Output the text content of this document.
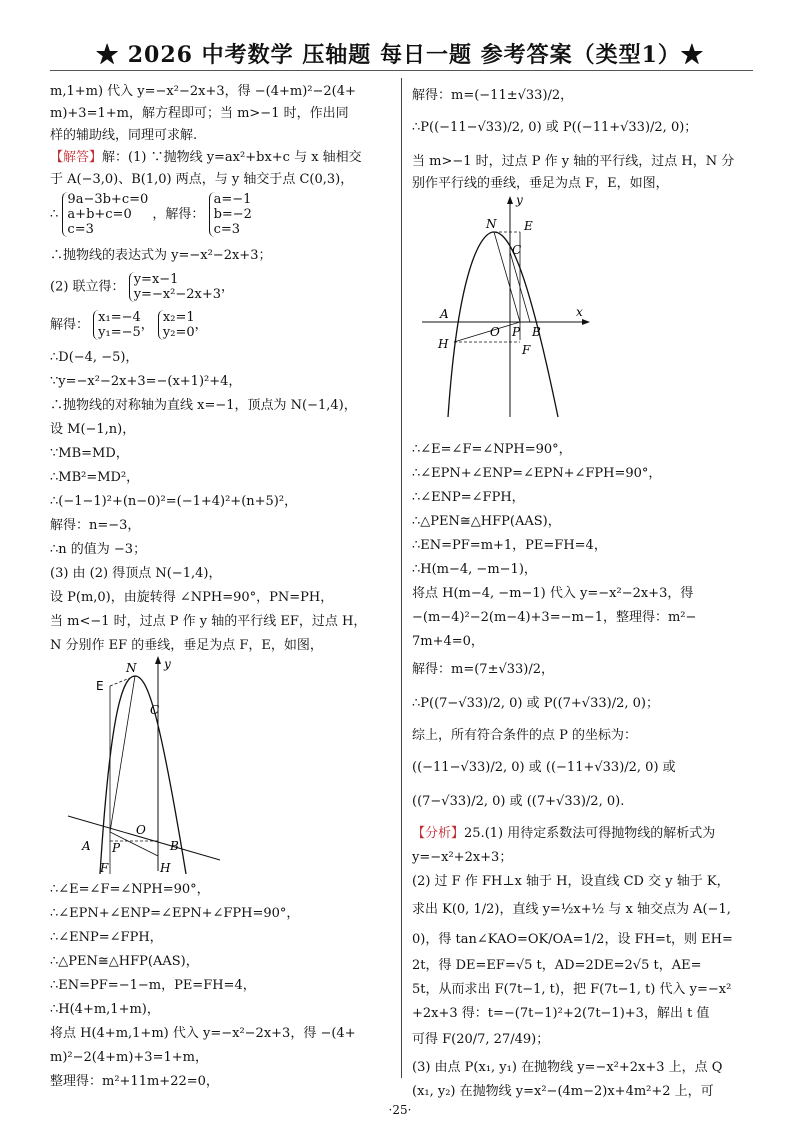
★ 2026 中考数学 压轴题 每日一题 参考答案（类型1）★
m,1+m) 代入 y=−x²−2x+3，得 −(4+m)²−2(4+
m)+3=1+m，解方程即可；当 m>−1 时，作出同
样的辅助线，同理可求解.
【解答】解：(1) ∵抛物线 y=ax²+bx+c 与 x 轴相交
于 A(−3,0)、B(1,0) 两点，与 y 轴交于点 C(0,3)，
∴ 9a−3b+c=0
a+b+c=0
c=3 ，解得： a=−1
b=−2
c=3
∴抛物线的表达式为 y=−x²−2x+3；
(2) 联立得： y=x−1
y=−x²−2x+3，
解得： x₁=−4
y₁=−5， x₂=1
y₂=0，
∴D(−4, −5)，
∵y=−x²−2x+3=−(x+1)²+4，
∴抛物线的对称轴为直线 x=−1，顶点为 N(−1,4)，
设 M(−1,n)，
∵MB=MD，
∴MB²=MD²，
∴(−1−1)²+(n−0)²=(−1+4)²+(n+5)²，
解得：n=−3，
∴n 的值为 −3；
(3) 由 (2) 得顶点 N(−1,4)，
设 P(m,0)，由旋转得 ∠NPH=90°，PN=PH，
当 m<−1 时，过点 P 作 y 轴的平行线 EF，过点 H，
N 分别作 EF 的垂线，垂足为点 F，E，如图，
E
N
C
O
A P	B
F	H
y
∴∠E=∠F=∠NPH=90°，
∴∠EPN+∠ENP=∠EPN+∠FPH=90°，
∴∠ENP=∠FPH，
∴△PEN≅△HFP(AAS)，
∴EN=PF=−1−m，PE=FH=4，
∴H(4+m,1+m)，
将点 H(4+m,1+m) 代入 y=−x²−2x+3，得 −(4+
m)²−2(4+m)+3=1+m，
整理得：m²+11m+22=0，
解得：m=(−11±√33)/2，
∴P((−11−√33)/2, 0) 或 P((−11+√33)/2, 0)；
当 m>−1 时，过点 P 作 y 轴的平行线，过点 H，N 分
别作平行线的垂线，垂足为点 F，E，如图，
y
N E
C
A
O P B
x
H	F
∴∠E=∠F=∠NPH=90°，
∴∠EPN+∠ENP=∠EPN+∠FPH=90°，
∴∠ENP=∠FPH，
∴△PEN≅△HFP(AAS)，
∴EN=PF=m+1，PE=FH=4，
∴H(m−4, −m−1)，
将点 H(m−4, −m−1) 代入 y=−x²−2x+3，得
−(m−4)²−2(m−4)+3=−m−1，整理得：m²−
7m+4=0，
解得：m=(7±√33)/2，
∴P((7−√33)/2, 0) 或 P((7+√33)/2, 0)；
综上，所有符合条件的点 P 的坐标为：
((−11−√33)/2, 0) 或 ((−11+√33)/2, 0) 或
((7−√33)/2, 0) 或 ((7+√33)/2, 0).
【分析】25.(1) 用待定系数法可得抛物线的解析式为
y=−x²+2x+3；
(2) 过 F 作 FH⊥x 轴于 H，设直线 CD 交 y 轴于 K，
求出 K(0, 1/2)，直线 y=½x+½ 与 x 轴交点为 A(−1,
0)，得 tan∠KAO=OK/OA=1/2，设 FH=t，则 EH=
2t，得 DE=EF=√5 t，AD=2DE=2√5 t，AE=
5t，从而求出 F(7t−1, t)，把 F(7t−1, t) 代入 y=−x²
+2x+3 得：t=−(7t−1)²+2(7t−1)+3，解出 t 值
可得 F(20/7, 27/49)；
(3) 由点 P(x₁, y₁) 在抛物线 y=−x²+2x+3 上，点 Q
(x₁, y₂) 在抛物线 y=x²−(4m−2)x+4m²+2 上，可
·25·
